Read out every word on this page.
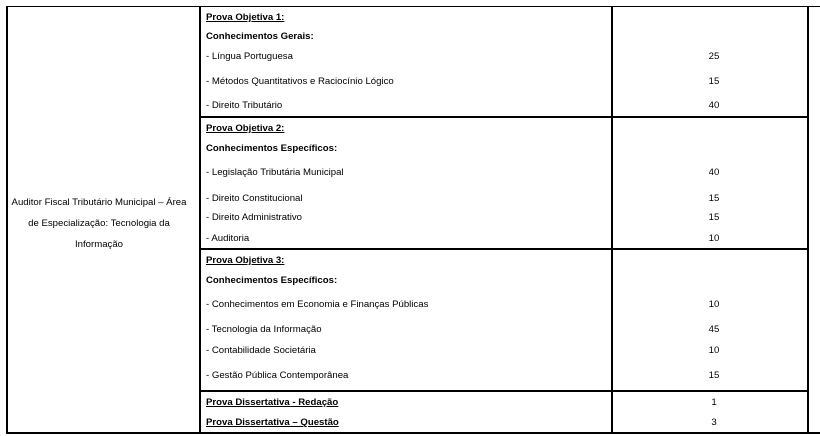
Auditor Fiscal Tributário Municipal – Área de Especialização: Tecnologia da Informação
Prova Objetiva 1:
Conhecimentos Gerais:
- Língua Portuguesa	25
- Métodos Quantitativos e Raciocínio Lógico	15
- Direito Tributário	40
Prova Objetiva 2:
Conhecimentos Específicos:
- Legislação Tributária Municipal	40
- Direito Constitucional	15
- Direito Administrativo	15
- Auditoria	10
Prova Objetiva 3:
Conhecimentos Específicos:
- Conhecimentos em Economia e Finanças Públicas	10
- Tecnologia da Informação	45
- Contabilidade Societária	10
- Gestão Pública Contemporânea	15
Prova Dissertativa - Redação	1
Prova Dissertativa – Questão	3
